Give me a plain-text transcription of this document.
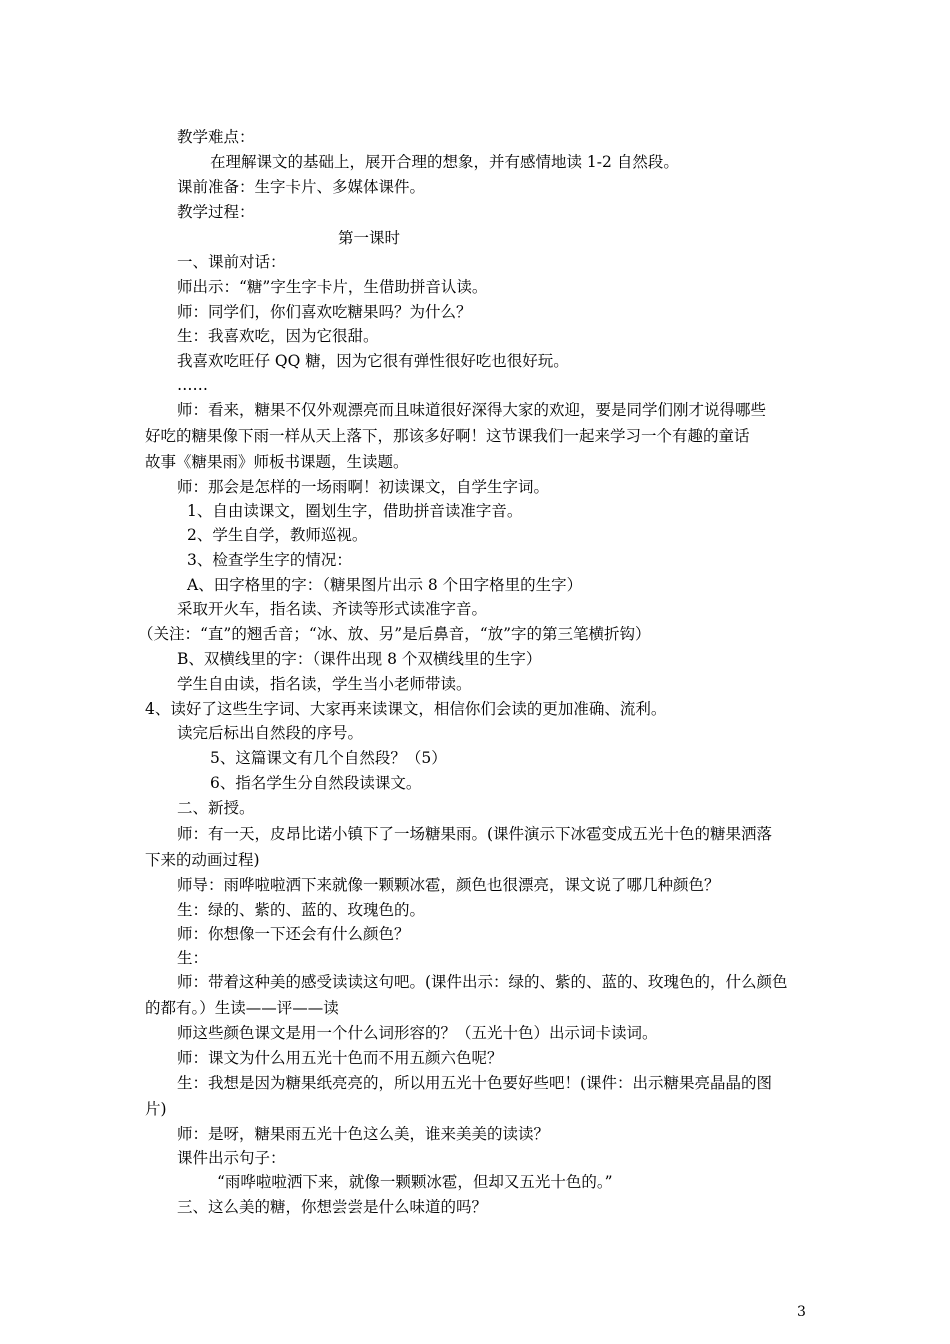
教学难点：
在理解课文的基础上，展开合理的想象，并有感情地读 1-2 自然段。
课前准备：生字卡片、多媒体课件。
教学过程：
第一课时
一、课前对话：
师出示：“糖”字生字卡片，生借助拼音认读。
师：同学们，你们喜欢吃糖果吗？为什么？
生：我喜欢吃，因为它很甜。
我喜欢吃旺仔 QQ 糖，因为它很有弹性很好吃也很好玩。
……
师：看来，糖果不仅外观漂亮而且味道很好深得大家的欢迎，要是同学们刚才说得哪些
好吃的糖果像下雨一样从天上落下，那该多好啊！这节课我们一起来学习一个有趣的童话
故事《糖果雨》师板书课题，生读题。
师：那会是怎样的一场雨啊！初读课文，自学生字词。
1、自由读课文，圈划生字，借助拼音读准字音。
2、学生自学，教师巡视。
3、检查学生字的情况：
A、田字格里的字：（糖果图片出示 8 个田字格里的生字）
采取开火车，指名读、齐读等形式读准字音。
（关注：“直”的翘舌音；“冰、放、另”是后鼻音，“放”字的第三笔横折钩）
B、双横线里的字：（课件出现 8 个双横线里的生字）
学生自由读，指名读，学生当小老师带读。
4、读好了这些生字词、大家再来读课文，相信你们会读的更加准确、流利。
读完后标出自然段的序号。
5、这篇课文有几个自然段？（5）
6、指名学生分自然段读课文。
二、新授。
师：有一天，皮昂比诺小镇下了一场糖果雨。(课件演示下冰雹变成五光十色的糖果洒落
下来的动画过程)
师导：雨哗啦啦洒下来就像一颗颗冰雹，颜色也很漂亮，课文说了哪几种颜色？
生：绿的、紫的、蓝的、玫瑰色的。
师：你想像一下还会有什么颜色？
生：
师：带着这种美的感受读读这句吧。(课件出示：绿的、紫的、蓝的、玫瑰色的，什么颜色
的都有。）生读——评——读
师这些颜色课文是用一个什么词形容的？（五光十色）出示词卡读词。
师：课文为什么用五光十色而不用五颜六色呢？
生：我想是因为糖果纸亮亮的，所以用五光十色要好些吧！(课件：出示糖果亮晶晶的图
片)
师：是呀，糖果雨五光十色这么美，谁来美美的读读？
课件出示句子：
“雨哗啦啦洒下来，就像一颗颗冰雹，但却又五光十色的。”
三、这么美的糖，你想尝尝是什么味道的吗？
3
